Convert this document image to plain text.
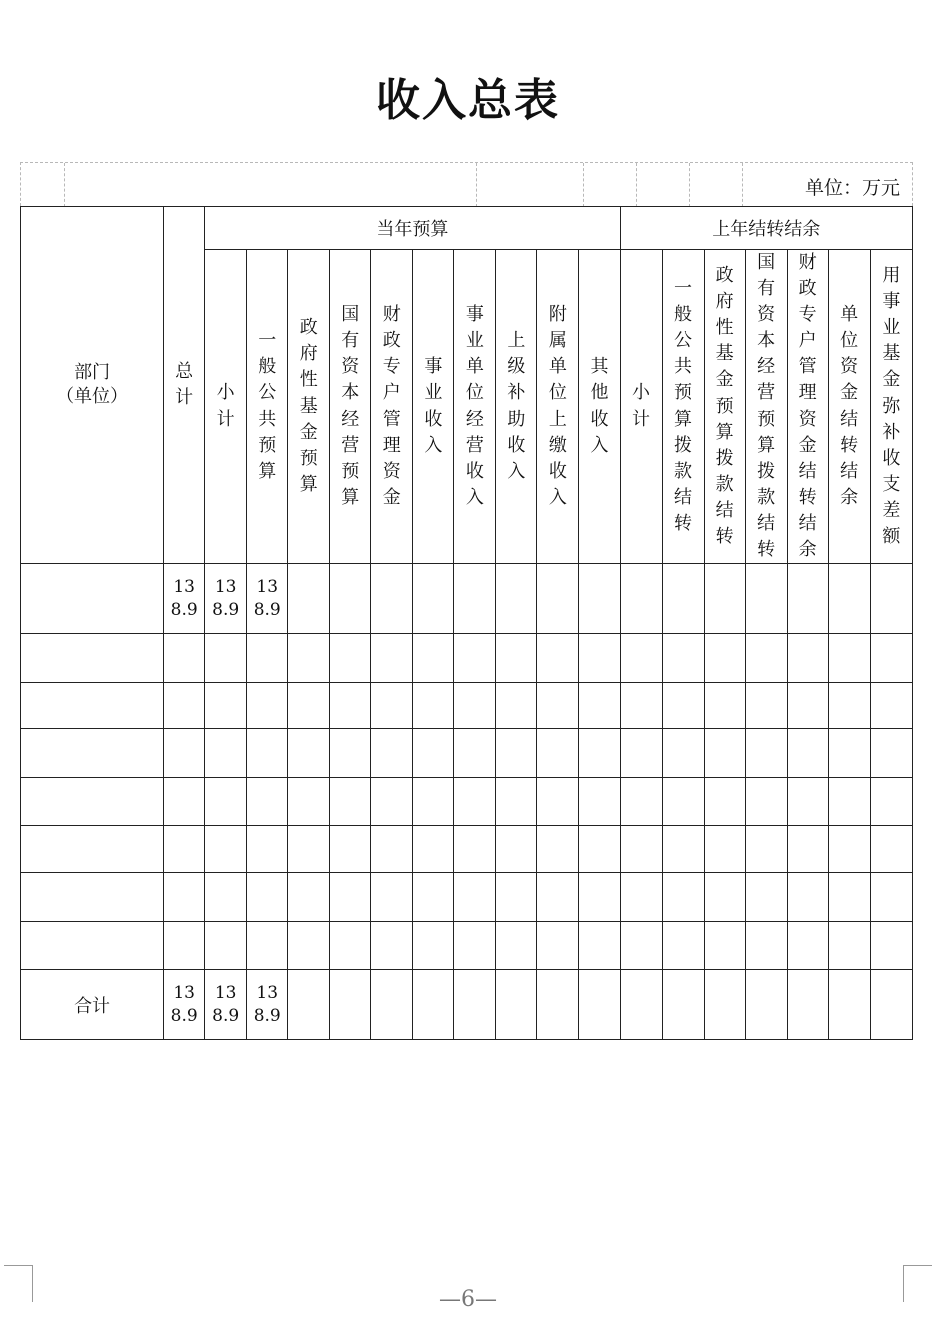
收入总表
单位：万元
部门
（单位）	总计	当年预算										上年结转结余						
		小计	一般公共预算	政府性基金预算	国有资本经营预算	财政专户管理资金	事业收入	事业单位经营收入	上级补助收入	附属单位上缴收入	其他收入	小计	一般公共预算拨款结转	政府性基金预算拨款结转	国有资本经营预算拨款结转	财政专户管理资金结转结余	单位资金结转结余	用事业基金弥补收支差额
	138.9	138.9	138.9															

合计	138.9	138.9	138.9															
—6—
